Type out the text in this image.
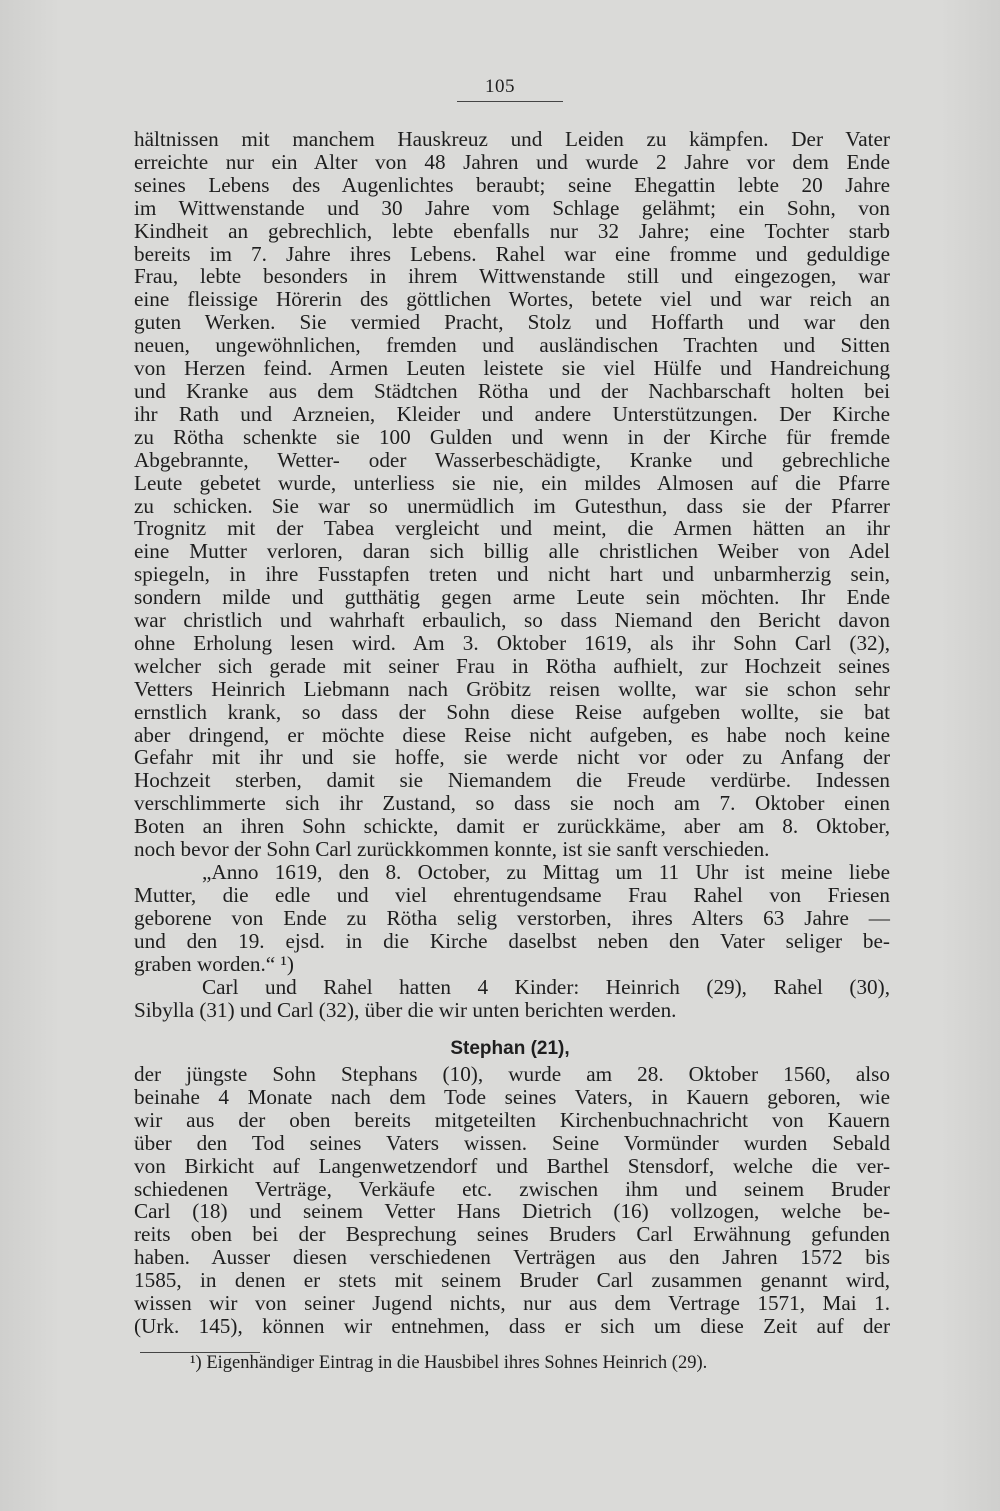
105
hältnissen mit manchem Hauskreuz und Leiden zu kämpfen. Der Vater
erreichte nur ein Alter von 48 Jahren und wurde 2 Jahre vor dem Ende
seines Lebens des Augenlichtes beraubt; seine Ehegattin lebte 20 Jahre
im Wittwenstande und 30 Jahre vom Schlage gelähmt; ein Sohn, von
Kindheit an gebrechlich, lebte ebenfalls nur 32 Jahre; eine Tochter starb
bereits im 7. Jahre ihres Lebens. Rahel war eine fromme und geduldige
Frau, lebte besonders in ihrem Wittwenstande still und eingezogen, war
eine fleissige Hörerin des göttlichen Wortes, betete viel und war reich an
guten Werken. Sie vermied Pracht, Stolz und Hoffarth und war den
neuen, ungewöhnlichen, fremden und ausländischen Trachten und Sitten
von Herzen feind. Armen Leuten leistete sie viel Hülfe und Handreichung
und Kranke aus dem Städtchen Rötha und der Nachbarschaft holten bei
ihr Rath und Arzneien, Kleider und andere Unterstützungen. Der Kirche
zu Rötha schenkte sie 100 Gulden und wenn in der Kirche für fremde
Abgebrannte, Wetter- oder Wasserbeschädigte, Kranke und gebrechliche
Leute gebetet wurde, unterliess sie nie, ein mildes Almosen auf die Pfarre
zu schicken. Sie war so unermüdlich im Gutesthun, dass sie der Pfarrer
Trognitz mit der Tabea vergleicht und meint, die Armen hätten an ihr
eine Mutter verloren, daran sich billig alle christlichen Weiber von Adel
spiegeln, in ihre Fusstapfen treten und nicht hart und unbarmherzig sein,
sondern milde und gutthätig gegen arme Leute sein möchten. Ihr Ende
war christlich und wahrhaft erbaulich, so dass Niemand den Bericht davon
ohne Erholung lesen wird. Am 3. Oktober 1619, als ihr Sohn Carl (32),
welcher sich gerade mit seiner Frau in Rötha aufhielt, zur Hochzeit seines
Vetters Heinrich Liebmann nach Gröbitz reisen wollte, war sie schon sehr
ernstlich krank, so dass der Sohn diese Reise aufgeben wollte, sie bat
aber dringend, er möchte diese Reise nicht aufgeben, es habe noch keine
Gefahr mit ihr und sie hoffe, sie werde nicht vor oder zu Anfang der
Hochzeit sterben, damit sie Niemandem die Freude verdürbe. Indessen
verschlimmerte sich ihr Zustand, so dass sie noch am 7. Oktober einen
Boten an ihren Sohn schickte, damit er zurückkäme, aber am 8. Oktober,
noch bevor der Sohn Carl zurückkommen konnte, ist sie sanft verschieden.
„Anno 1619, den 8. October, zu Mittag um 11 Uhr ist meine liebe
Mutter, die edle und viel ehrentugendsame Frau Rahel von Friesen
geborene von Ende zu Rötha selig verstorben, ihres Alters 63 Jahre —
und den 19. ejsd. in die Kirche daselbst neben den Vater seliger be-
graben worden.“ ¹)
Carl und Rahel hatten 4 Kinder: Heinrich (29), Rahel (30),
Sibylla (31) und Carl (32), über die wir unten berichten werden.
Stephan (21),
der jüngste Sohn Stephans (10), wurde am 28. Oktober 1560, also
beinahe 4 Monate nach dem Tode seines Vaters, in Kauern geboren, wie
wir aus der oben bereits mitgeteilten Kirchenbuchnachricht von Kauern
über den Tod seines Vaters wissen. Seine Vormünder wurden Sebald
von Birkicht auf Langenwetzendorf und Barthel Stensdorf, welche die ver-
schiedenen Verträge, Verkäufe etc. zwischen ihm und seinem Bruder
Carl (18) und seinem Vetter Hans Dietrich (16) vollzogen, welche be-
reits oben bei der Besprechung seines Bruders Carl Erwähnung gefunden
haben. Ausser diesen verschiedenen Verträgen aus den Jahren 1572 bis
1585, in denen er stets mit seinem Bruder Carl zusammen genannt wird,
wissen wir von seiner Jugend nichts, nur aus dem Vertrage 1571, Mai 1.
(Urk. 145), können wir entnehmen, dass er sich um diese Zeit auf der
¹) Eigenhändiger Eintrag in die Hausbibel ihres Sohnes Heinrich (29).
